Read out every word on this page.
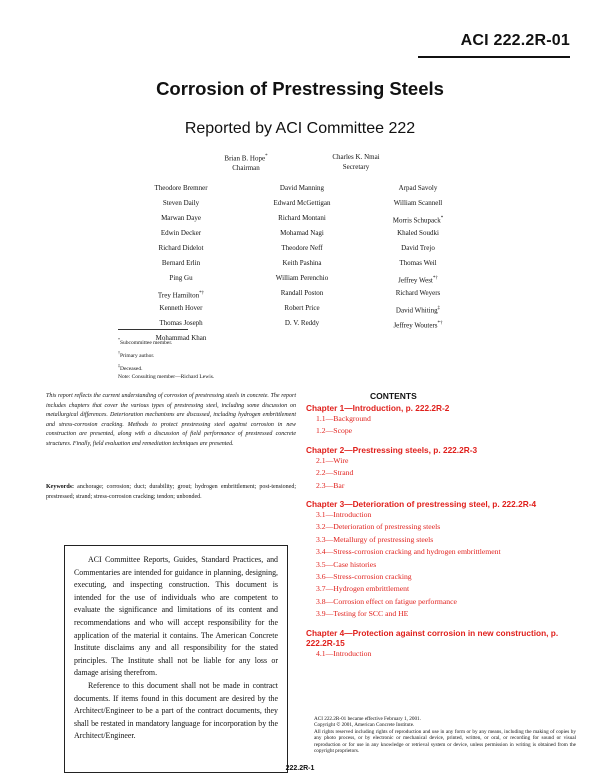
ACI 222.2R-01
Corrosion of Prestressing Steels
Reported by ACI Committee 222
Brian B. Hope*
Chairman
Charles K. Nmai
Secretary
Theodore Bremner
Steven Daily
Marwan Daye
Edwin Decker
Richard Didelot
Bernard Erlin
Ping Gu
Trey Hamilton*†
Kenneth Hover
Thomas Joseph
Mohammad Khan
David Manning
Edward McGettigan
Richard Montani
Mohamad Nagi
Theodore Neff
Keith Pashina
William Perenchio
Randall Poston
Robert Price
D. V. Reddy
Arpad Savoly
William Scannell
Morris Schupack*
Khaled Soudki
David Trejo
Thomas Weil
Jeffrey West*†
Richard Weyers
David Whiting‡
Jeffrey Wouters*†
*Subcommittee member.
†Primary author.
‡Deceased.
Note: Consulting member—Richard Lewis.
This report reflects the current understanding of corrosion of prestressing steels in concrete. The report includes chapters that cover the various types of prestressing steel, including some discussion on metallurgical differences. Deterioration mechanisms are discussed, including hydrogen embrittlement and stress-corrosion cracking. Methods to protect prestressing steel against corrosion in new construction are presented, along with a discussion of field performance of prestressed concrete structures. Finally, field evaluation and remediation techniques are presented.
Keywords: anchorage; corrosion; duct; durability; grout; hydrogen embrittlement; post-tensioned; prestressed; strand; stress-corrosion cracking; tendon; unbonded.

ACI Committee Reports, Guides, Standard Practices, and Commentaries are intended for guidance in planning, designing, executing, and inspecting construction. This document is intended for the use of individuals who are competent to evaluate the significance and limitations of its content and recommendations and who will accept responsibility for the application of the material it contains. The American Concrete Institute disclaims any and all responsibility for the stated principles. The Institute shall not be liable for any loss or damage arising therefrom.

Reference to this document shall not be made in contract documents. If items found in this document are desired by the Architect/Engineer to be a part of the contract documents, they shall be restated in mandatory language for incorporation by the Architect/Engineer.

CONTENTS
Chapter 1—Introduction, p. 222.2R-2
1.1—Background
1.2—Scope
Chapter 2—Prestressing steels, p. 222.2R-3
2.1—Wire
2.2—Strand
2.3—Bar
Chapter 3—Deterioration of prestressing steel, p. 222.2R-4
3.1—Introduction
3.2—Deterioration of prestressing steels
3.3—Metallurgy of prestressing steels
3.4—Stress-corrosion cracking and hydrogen embrittlement
3.5—Case histories
3.6—Stress-corrosion cracking
3.7—Hydrogen embrittlement
3.8—Corrosion effect on fatigue performance
3.9—Testing for SCC and HE
Chapter 4—Protection against corrosion in new construction, p. 222.2R-15
4.1—Introduction

ACI 222.2R-01 became effective February 1, 2001.

Copyright © 2001, American Concrete Institute.

All rights reserved including rights of reproduction and use in any form or by any means, including the making of copies by any photo process, or by electronic or mechanical device, printed, written, or oral, or recording for sound or visual reproduction or for use in any knowledge or retrieval system or device, unless permission in writing is obtained from the copyright proprietors.

222.2R-1
